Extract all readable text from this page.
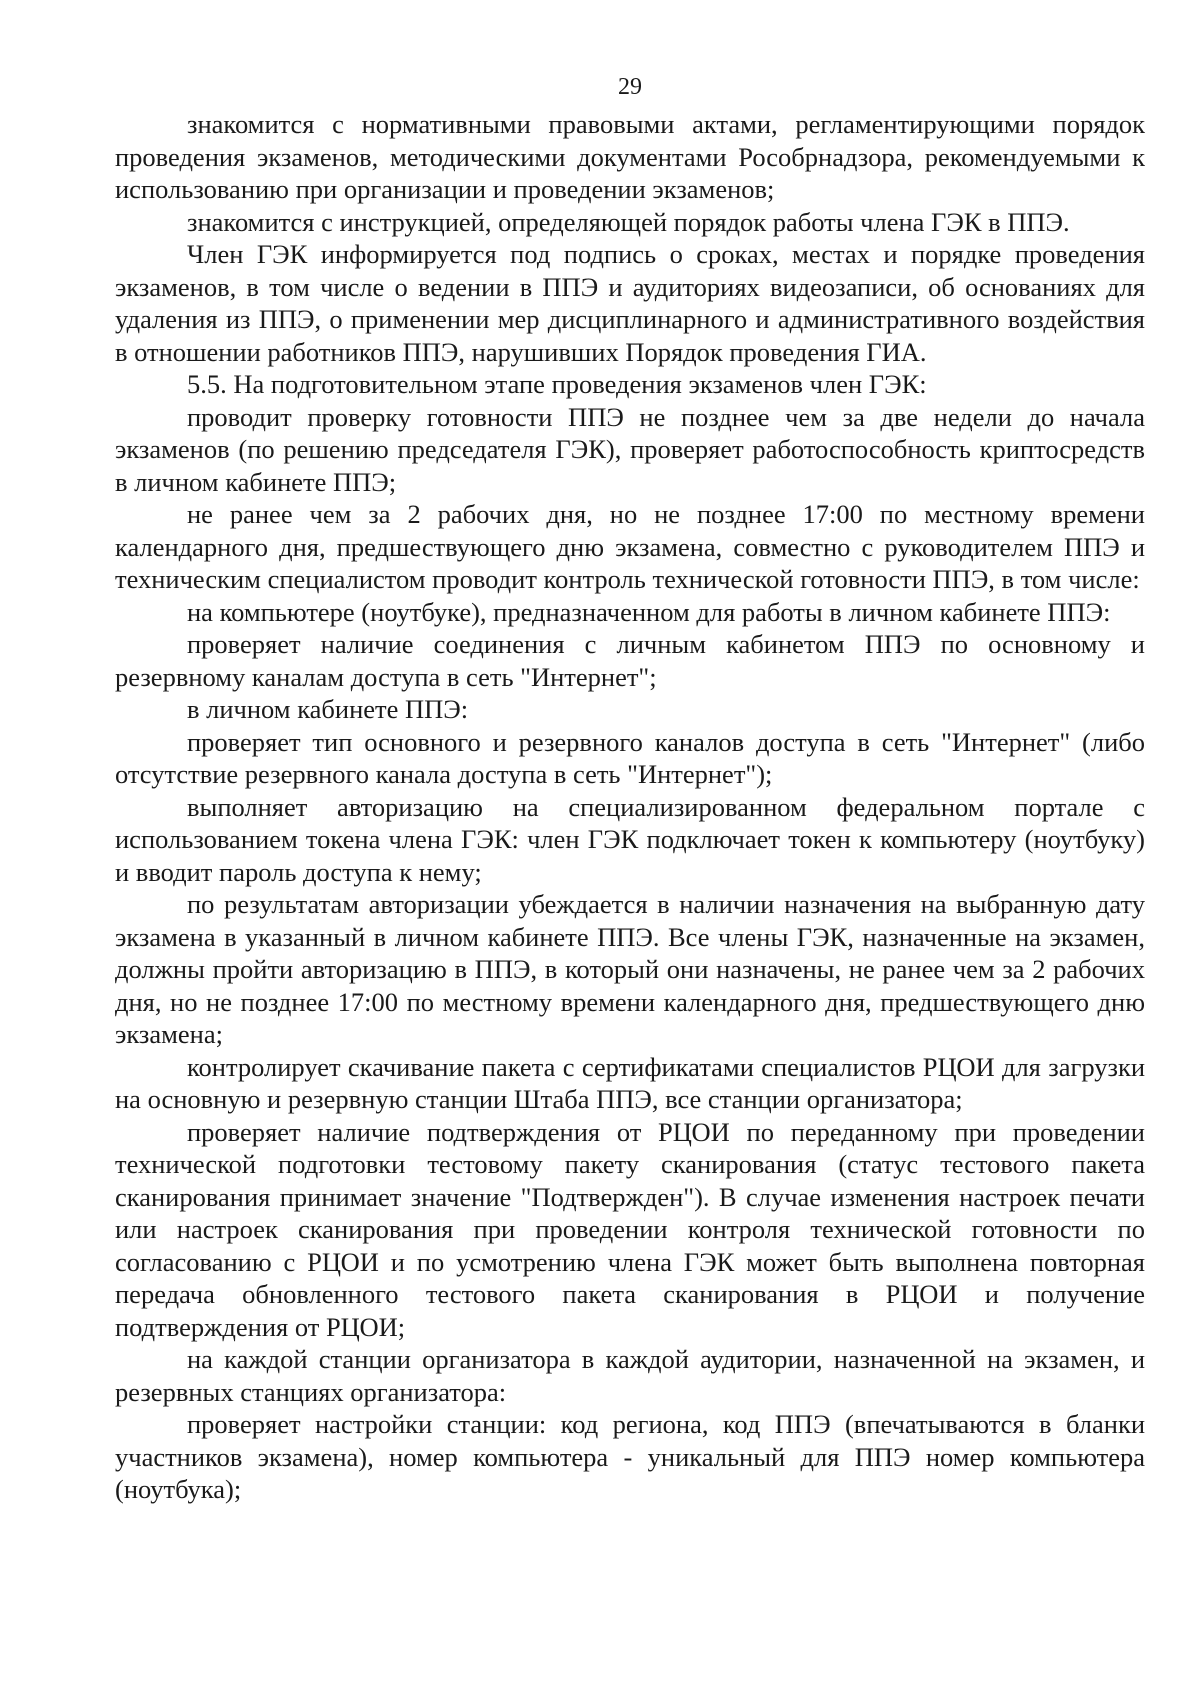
29

знакомится с нормативными правовыми актами, регламентирующими порядок проведения экзаменов, методическими документами Рособрнадзора, рекомендуемыми к использованию при организации и проведении экзаменов;

знакомится с инструкцией, определяющей порядок работы члена ГЭК в ППЭ.

Член ГЭК информируется под подпись о сроках, местах и порядке проведения экзаменов, в том числе о ведении в ППЭ и аудиториях видеозаписи, об основаниях для удаления из ППЭ, о применении мер дисциплинарного и административного воздействия в отношении работников ППЭ, нарушивших Порядок проведения ГИА.

5.5. На подготовительном этапе проведения экзаменов член ГЭК:

проводит проверку готовности ППЭ не позднее чем за две недели до начала экзаменов (по решению председателя ГЭК), проверяет работоспособность криптосредств в личном кабинете ППЭ;

не ранее чем за 2 рабочих дня, но не позднее 17:00 по местному времени календарного дня, предшествующего дню экзамена, совместно с руководителем ППЭ и техническим специалистом проводит контроль технической готовности ППЭ, в том числе:

на компьютере (ноутбуке), предназначенном для работы в личном кабинете ППЭ:

проверяет наличие соединения с личным кабинетом ППЭ по основному и резервному каналам доступа в сеть "Интернет";

в личном кабинете ППЭ:

проверяет тип основного и резервного каналов доступа в сеть "Интернет" (либо отсутствие резервного канала доступа в сеть "Интернет");

выполняет авторизацию на специализированном федеральном портале с использованием токена члена ГЭК: член ГЭК подключает токен к компьютеру (ноутбуку) и вводит пароль доступа к нему;

по результатам авторизации убеждается в наличии назначения на выбранную дату экзамена в указанный в личном кабинете ППЭ. Все члены ГЭК, назначенные на экзамен, должны пройти авторизацию в ППЭ, в который они назначены, не ранее чем за 2 рабочих дня, но не позднее 17:00 по местному времени календарного дня, предшествующего дню экзамена;

контролирует скачивание пакета с сертификатами специалистов РЦОИ для загрузки на основную и резервную станции Штаба ППЭ, все станции организатора;

проверяет наличие подтверждения от РЦОИ по переданному при проведении технической подготовки тестовому пакету сканирования (статус тестового пакета сканирования принимает значение "Подтвержден"). В случае изменения настроек печати или настроек сканирования при проведении контроля технической готовности по согласованию с РЦОИ и по усмотрению члена ГЭК может быть выполнена повторная передача обновленного тестового пакета сканирования в РЦОИ и получение подтверждения от РЦОИ;

на каждой станции организатора в каждой аудитории, назначенной на экзамен, и резервных станциях организатора:

проверяет настройки станции: код региона, код ППЭ (впечатываются в бланки участников экзамена), номер компьютера - уникальный для ППЭ номер компьютера (ноутбука);
